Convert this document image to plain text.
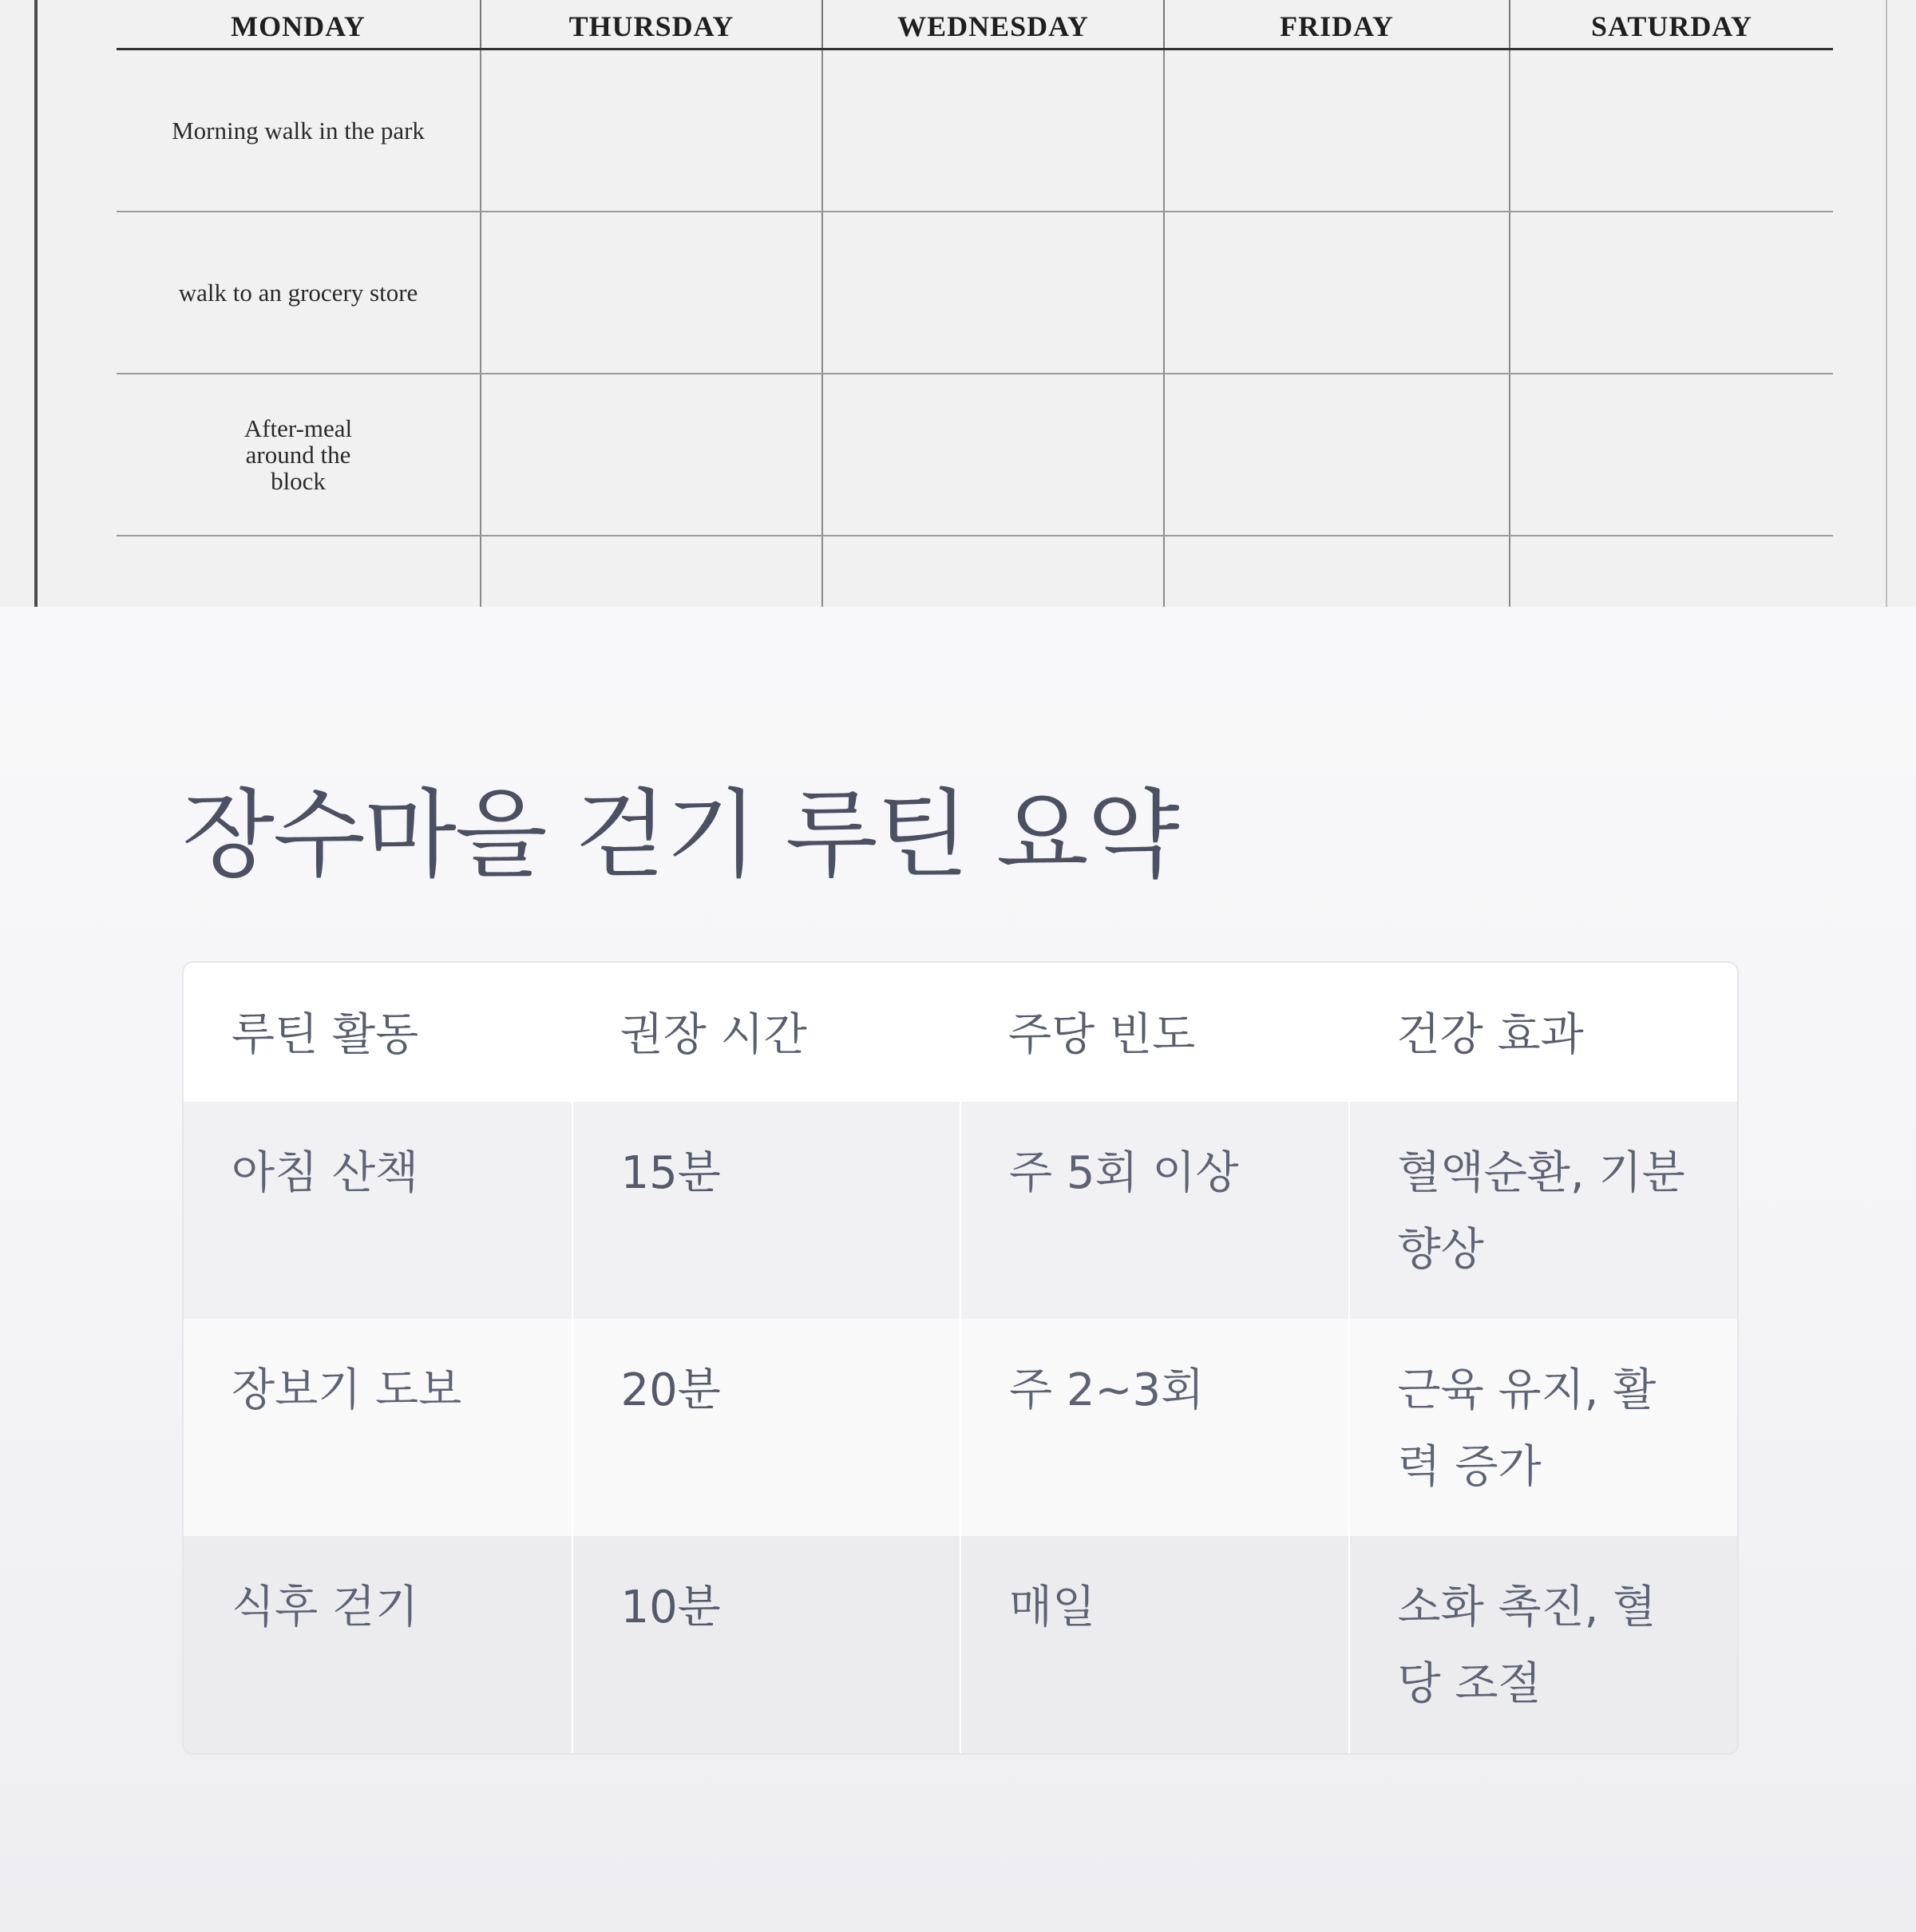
MONDAY	THURSDAY	WEDNESDAY	FRIDAY	SATURDAY
Morning walk in the park				
walk to an grocery store				
After-meal around the block				

장수마을 걷기 루틴 요약
루틴 활동	권장 시간	주당 빈도	건강 효과
아침 산책	15분	주 5회 이상	혈액순환, 기분 향상
장보기 도보	20분	주 2~3회	근육 유지, 활력 증가
식후 걷기	10분	매일	소화 촉진, 혈당 조절
